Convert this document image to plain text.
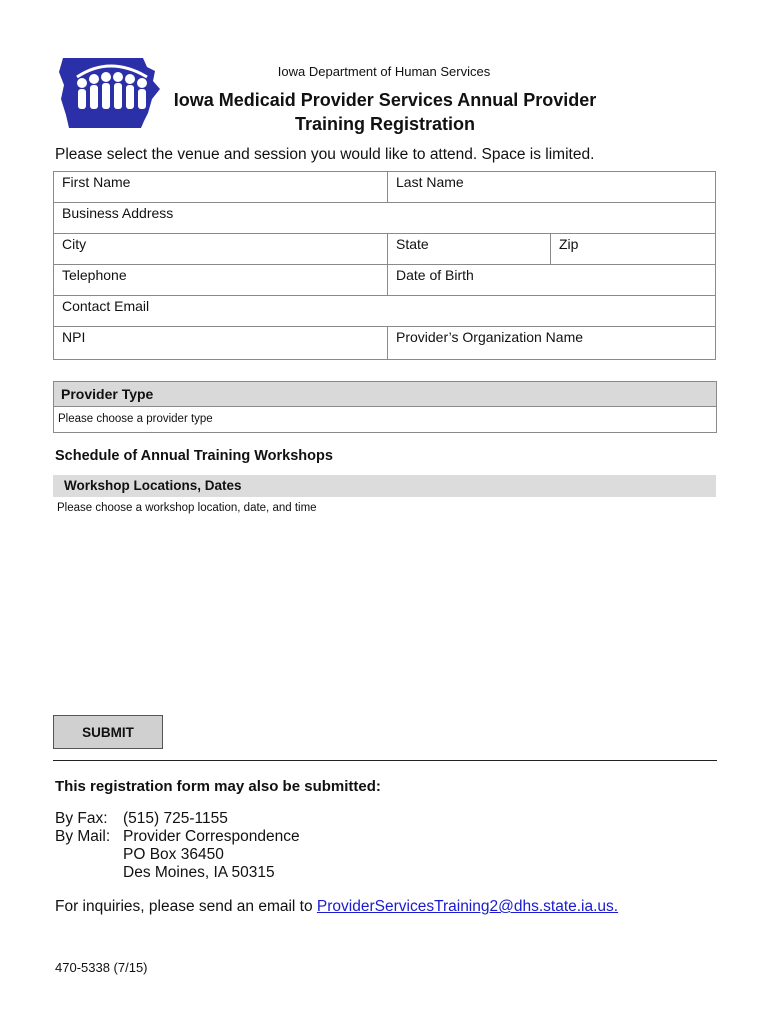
Iowa Department of Human Services
Iowa Medicaid Provider Services Annual Provider
Training Registration
Please select the venue and session you would like to attend. Space is limited.
First Name	Last Name	
Business Address		
City	State	Zip
Telephone	Date of Birth	
Contact Email		
NPI	Provider’s Organization Name	
Provider Type
Please choose a provider type
Schedule of Annual Training Workshops
Workshop Locations, Dates
Please choose a workshop location, date, and time
SUBMIT
This registration form may also be submitted:
By Fax:	(515) 725-1155
By Mail:	Provider Correspondence
PO Box 36450
Des Moines, IA 50315
For inquiries, please send an email to ProviderServicesTraining2@dhs.state.ia.us.
470-5338 (7/15)
